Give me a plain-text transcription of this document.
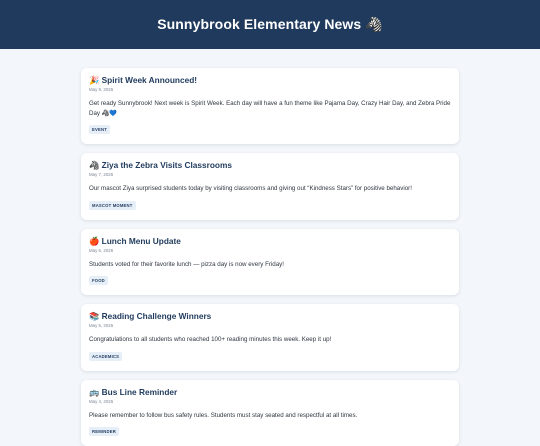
Sunnybrook Elementary News 🦓
🎉 Spirit Week Announced!
May 9, 2026

Get ready Sunnybrook! Next week is Spirit Week. Each day will have a fun theme like Pajama Day, Crazy Hair Day, and Zebra Pride Day 🦓💙

EVENT
🦓 Ziya the Zebra Visits Classrooms
May 7, 2026

Our mascot Ziya surprised students today by visiting classrooms and giving out “Kindness Stars” for positive behavior!

MASCOT MOMENT
🍎 Lunch Menu Update
May 6, 2026

Students voted for their favorite lunch — pizza day is now every Friday!

FOOD
📚 Reading Challenge Winners
May 5, 2026

Congratulations to all students who reached 100+ reading minutes this week. Keep it up!

ACADEMICS
🚌 Bus Line Reminder
May 4, 2026

Please remember to follow bus safety rules. Students must stay seated and respectful at all times.

REMINDER
